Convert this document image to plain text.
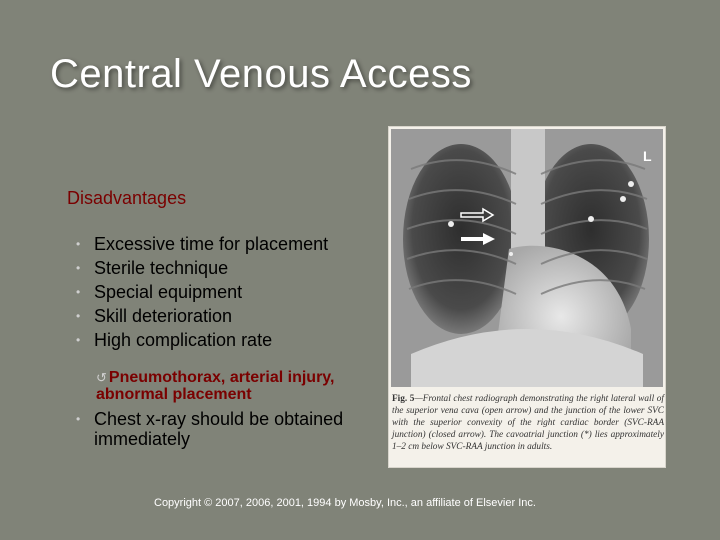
Central Venous Access
Disadvantages
• Excessive time for placement
• Sterile technique
• Special equipment
• Skill deterioration
• High complication rate
↺ Pneumothorax, arterial injury, abnormal placement
• Chest x-ray should be obtained immediately
L
Fig. 5—Frontal chest radiograph demonstrating the right lateral wall of the superior vena cava (open arrow) and the junction of the lower SVC with the superior convexity of the right cardiac border (SVC-RAA junction) (closed arrow). The cavoatrial junction (*) lies approximately 1–2 cm below SVC-RAA junction in adults.
Copyright © 2007, 2006, 2001, 1994 by Mosby, Inc., an affiliate of Elsevier Inc.
